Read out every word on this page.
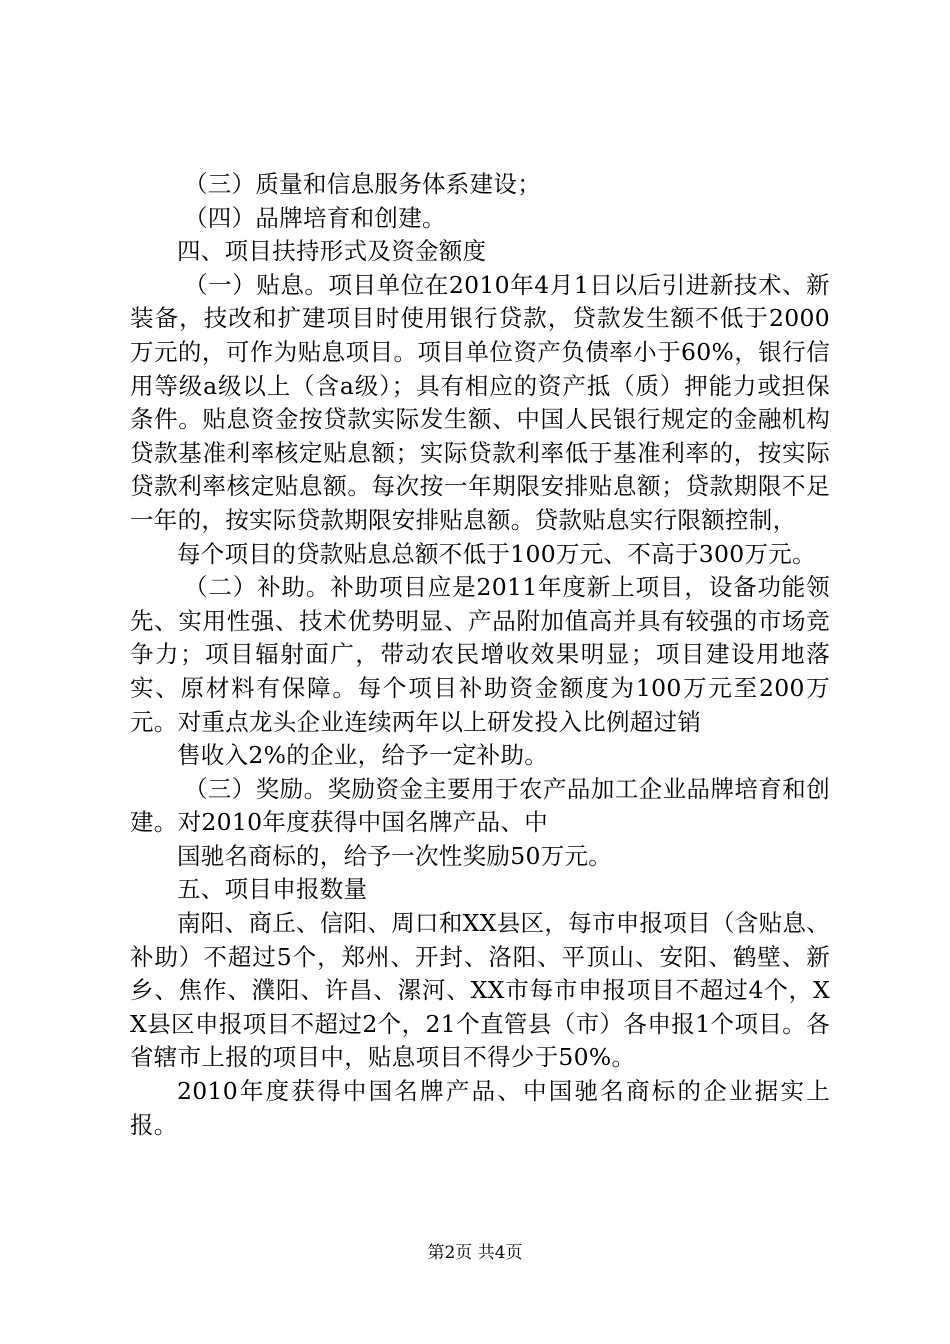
（三）质量和信息服务体系建设；

（四）品牌培育和创建。

四、项目扶持形式及资金额度

（一）贴息。项目单位在2010年4月1日以后引进新技术、新装备，技改和扩建项目时使用银行贷款，贷款发生额不低于2000万元的，可作为贴息项目。项目单位资产负债率小于60%，银行信用等级a级以上（含a级）；具有相应的资产抵（质）押能力或担保条件。贴息资金按贷款实际发生额、中国人民银行规定的金融机构贷款基准利率核定贴息额；实际贷款利率低于基准利率的，按实际贷款利率核定贴息额。每次按一年期限安排贴息额；贷款期限不足一年的，按实际贷款期限安排贴息额。贷款贴息实行限额控制，

每个项目的贷款贴息总额不低于100万元、不高于300万元。

（二）补助。补助项目应是2011年度新上项目，设备功能领先、实用性强、技术优势明显、产品附加值高并具有较强的市场竞争力；项目辐射面广，带动农民增收效果明显；项目建设用地落实、原材料有保障。每个项目补助资金额度为100万元至200万元。对重点龙头企业连续两年以上研发投入比例超过销

售收入2%的企业，给予一定补助。

（三）奖励。奖励资金主要用于农产品加工企业品牌培育和创建。对2010年度获得中国名牌产品、中

国驰名商标的，给予一次性奖励50万元。

五、项目申报数量

南阳、商丘、信阳、周口和XX县区，每市申报项目（含贴息、补助）不超过5个，郑州、开封、洛阳、平顶山、安阳、鹤壁、新乡、焦作、濮阳、许昌、漯河、XX市每市申报项目不超过4个，XX县区申报项目不超过2个，21个直管县（市）各申报1个项目。各省辖市上报的项目中，贴息项目不得少于50%。

2010年度获得中国名牌产品、中国驰名商标的企业据实上报。

第2页 共4页
